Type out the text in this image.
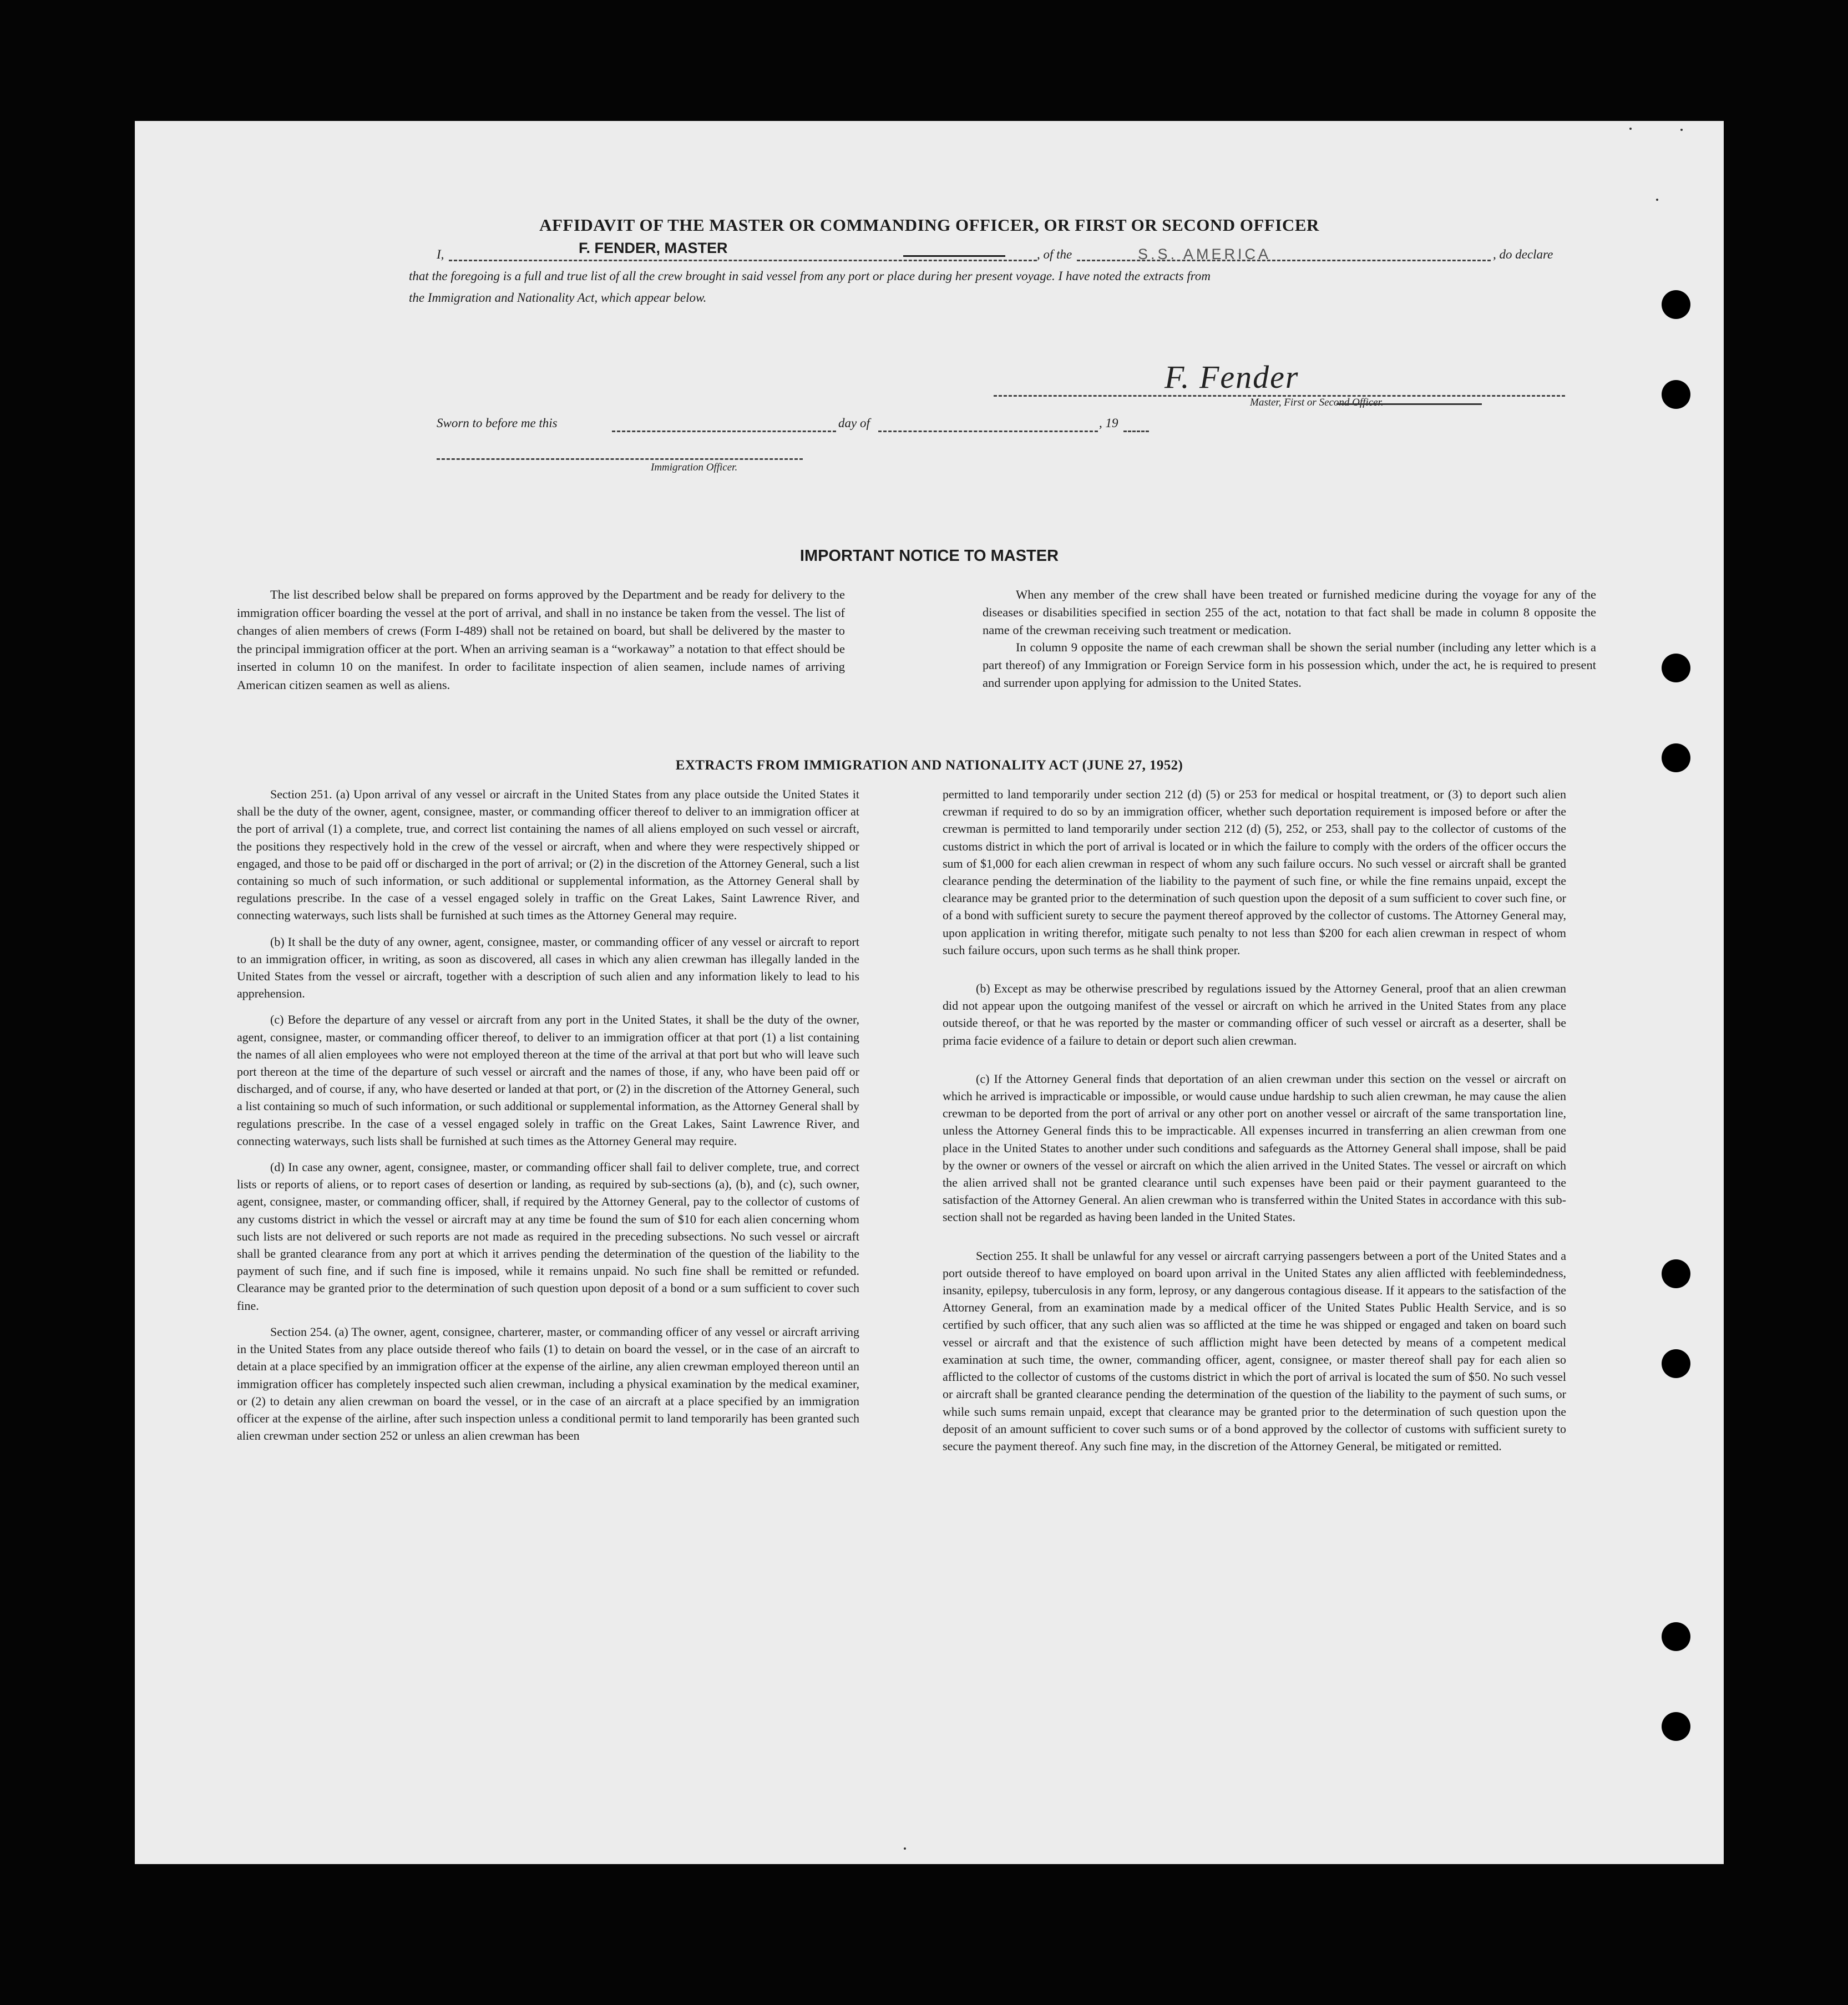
AFFIDAVIT OF THE MASTER OR COMMANDING OFFICER, OR FIRST OR SECOND OFFICER
I,	F. FENDER, MASTER	, of the	S.S. AMERICA	, do declare
that the foregoing is a full and true list of all the crew brought in said vessel from any port or place during her present voyage. I have noted the extracts from
the Immigration and Nationality Act, which appear below.
F. Fender
Master, First or Second Officer.
Sworn to before me this	day of	, 19
Immigration Officer.
IMPORTANT NOTICE TO MASTER

The list described below shall be prepared on forms approved by the Department and be ready for delivery to the immigration officer boarding the vessel at the port of arrival, and shall in no instance be taken from the vessel. The list of changes of alien members of crews (Form I-489) shall not be retained on board, but shall be delivered by the master to the principal immigration officer at the port. When an arriving seaman is a “workaway” a notation to that effect should be inserted in column 10 on the manifest. In order to facilitate inspection of alien seamen, include names of arriving American citizen seamen as well as aliens.

When any member of the crew shall have been treated or furnished medicine during the voyage for any of the diseases or disabilities specified in section 255 of the act, notation to that fact shall be made in column 8 opposite the name of the crewman receiving such treatment or medication.

In column 9 opposite the name of each crewman shall be shown the serial number (including any letter which is a part thereof) of any Immigration or Foreign Service form in his possession which, under the act, he is required to present and surrender upon applying for admission to the United States.

EXTRACTS FROM IMMIGRATION AND NATIONALITY ACT (JUNE 27, 1952)

Section 251. (a) Upon arrival of any vessel or aircraft in the United States from any place outside the United States it shall be the duty of the owner, agent, consignee, master, or commanding officer thereof to deliver to an immigration officer at the port of arrival (1) a complete, true, and correct list containing the names of all aliens employed on such vessel or aircraft, the positions they respectively hold in the crew of the vessel or aircraft, when and where they were respectively shipped or engaged, and those to be paid off or discharged in the port of arrival; or (2) in the discretion of the Attorney General, such a list containing so much of such information, or such additional or supplemental information, as the Attorney General shall by regulations prescribe. In the case of a vessel engaged solely in traffic on the Great Lakes, Saint Lawrence River, and connecting waterways, such lists shall be furnished at such times as the Attorney General may require.

(b) It shall be the duty of any owner, agent, consignee, master, or commanding officer of any vessel or aircraft to report to an immigration officer, in writing, as soon as discovered, all cases in which any alien crewman has illegally landed in the United States from the vessel or aircraft, together with a description of such alien and any information likely to lead to his apprehension.

(c) Before the departure of any vessel or aircraft from any port in the United States, it shall be the duty of the owner, agent, consignee, master, or commanding officer thereof, to deliver to an immigration officer at that port (1) a list containing the names of all alien employees who were not employed thereon at the time of the arrival at that port but who will leave such port thereon at the time of the departure of such vessel or aircraft and the names of those, if any, who have been paid off or discharged, and of course, if any, who have deserted or landed at that port, or (2) in the discretion of the Attorney General, such a list containing so much of such information, or such additional or supplemental information, as the Attorney General shall by regulations prescribe. In the case of a vessel engaged solely in traffic on the Great Lakes, Saint Lawrence River, and connecting waterways, such lists shall be furnished at such times as the Attorney General may require.

(d) In case any owner, agent, consignee, master, or commanding officer shall fail to deliver complete, true, and correct lists or reports of aliens, or to report cases of desertion or landing, as required by sub-sections (a), (b), and (c), such owner, agent, consignee, master, or commanding officer, shall, if required by the Attorney General, pay to the collector of customs of any customs district in which the vessel or aircraft may at any time be found the sum of $10 for each alien concerning whom such lists are not delivered or such reports are not made as required in the preceding subsections. No such vessel or aircraft shall be granted clearance from any port at which it arrives pending the determination of the question of the liability to the payment of such fine, and if such fine is imposed, while it remains unpaid. No such fine shall be remitted or refunded. Clearance may be granted prior to the determination of such question upon deposit of a bond or a sum sufficient to cover such fine.

Section 254. (a) The owner, agent, consignee, charterer, master, or commanding officer of any vessel or aircraft arriving in the United States from any place outside thereof who fails (1) to detain on board the vessel, or in the case of an aircraft to detain at a place specified by an immigration officer at the expense of the airline, any alien crewman employed thereon until an immigration officer has completely inspected such alien crewman, including a physical examination by the medical examiner, or (2) to detain any alien crewman on board the vessel, or in the case of an aircraft at a place specified by an immigration officer at the expense of the airline, after such inspection unless a conditional permit to land temporarily has been granted such alien crewman under section 252 or unless an alien crewman has been

permitted to land temporarily under section 212 (d) (5) or 253 for medical or hospital treatment, or (3) to deport such alien crewman if required to do so by an immigration officer, whether such deportation requirement is imposed before or after the crewman is permitted to land temporarily under section 212 (d) (5), 252, or 253, shall pay to the collector of customs of the customs district in which the port of arrival is located or in which the failure to comply with the orders of the officer occurs the sum of $1,000 for each alien crewman in respect of whom any such failure occurs. No such vessel or aircraft shall be granted clearance pending the determination of the liability to the payment of such fine, or while the fine remains unpaid, except the clearance may be granted prior to the determination of such question upon the deposit of a sum sufficient to cover such fine, or of a bond with sufficient surety to secure the payment thereof approved by the collector of customs. The Attorney General may, upon application in writing therefor, mitigate such penalty to not less than $200 for each alien crewman in respect of whom such failure occurs, upon such terms as he shall think proper.

(b) Except as may be otherwise prescribed by regulations issued by the Attorney General, proof that an alien crewman did not appear upon the outgoing manifest of the vessel or aircraft on which he arrived in the United States from any place outside thereof, or that he was reported by the master or commanding officer of such vessel or aircraft as a deserter, shall be prima facie evidence of a failure to detain or deport such alien crewman.

(c) If the Attorney General finds that deportation of an alien crewman under this section on the vessel or aircraft on which he arrived is impracticable or impossible, or would cause undue hardship to such alien crewman, he may cause the alien crewman to be deported from the port of arrival or any other port on another vessel or aircraft of the same transportation line, unless the Attorney General finds this to be impracticable. All expenses incurred in transferring an alien crewman from one place in the United States to another under such conditions and safeguards as the Attorney General shall impose, shall be paid by the owner or owners of the vessel or aircraft on which the alien arrived in the United States. The vessel or aircraft on which the alien arrived shall not be granted clearance until such expenses have been paid or their payment guaranteed to the satisfaction of the Attorney General. An alien crewman who is transferred within the United States in accordance with this sub-section shall not be regarded as having been landed in the United States.

Section 255. It shall be unlawful for any vessel or aircraft carrying passengers between a port of the United States and a port outside thereof to have employed on board upon arrival in the United States any alien afflicted with feeblemindedness, insanity, epilepsy, tuberculosis in any form, leprosy, or any dangerous contagious disease. If it appears to the satisfaction of the Attorney General, from an examination made by a medical officer of the United States Public Health Service, and is so certified by such officer, that any such alien was so afflicted at the time he was shipped or engaged and taken on board such vessel or aircraft and that the existence of such affliction might have been detected by means of a competent medical examination at such time, the owner, commanding officer, agent, consignee, or master thereof shall pay for each alien so afflicted to the collector of customs of the customs district in which the port of arrival is located the sum of $50. No such vessel or aircraft shall be granted clearance pending the determination of the question of the liability to the payment of such sums, or while such sums remain unpaid, except that clearance may be granted prior to the determination of such question upon the deposit of an amount sufficient to cover such sums or of a bond approved by the collector of customs with sufficient surety to secure the payment thereof. Any such fine may, in the discretion of the Attorney General, be mitigated or remitted.
